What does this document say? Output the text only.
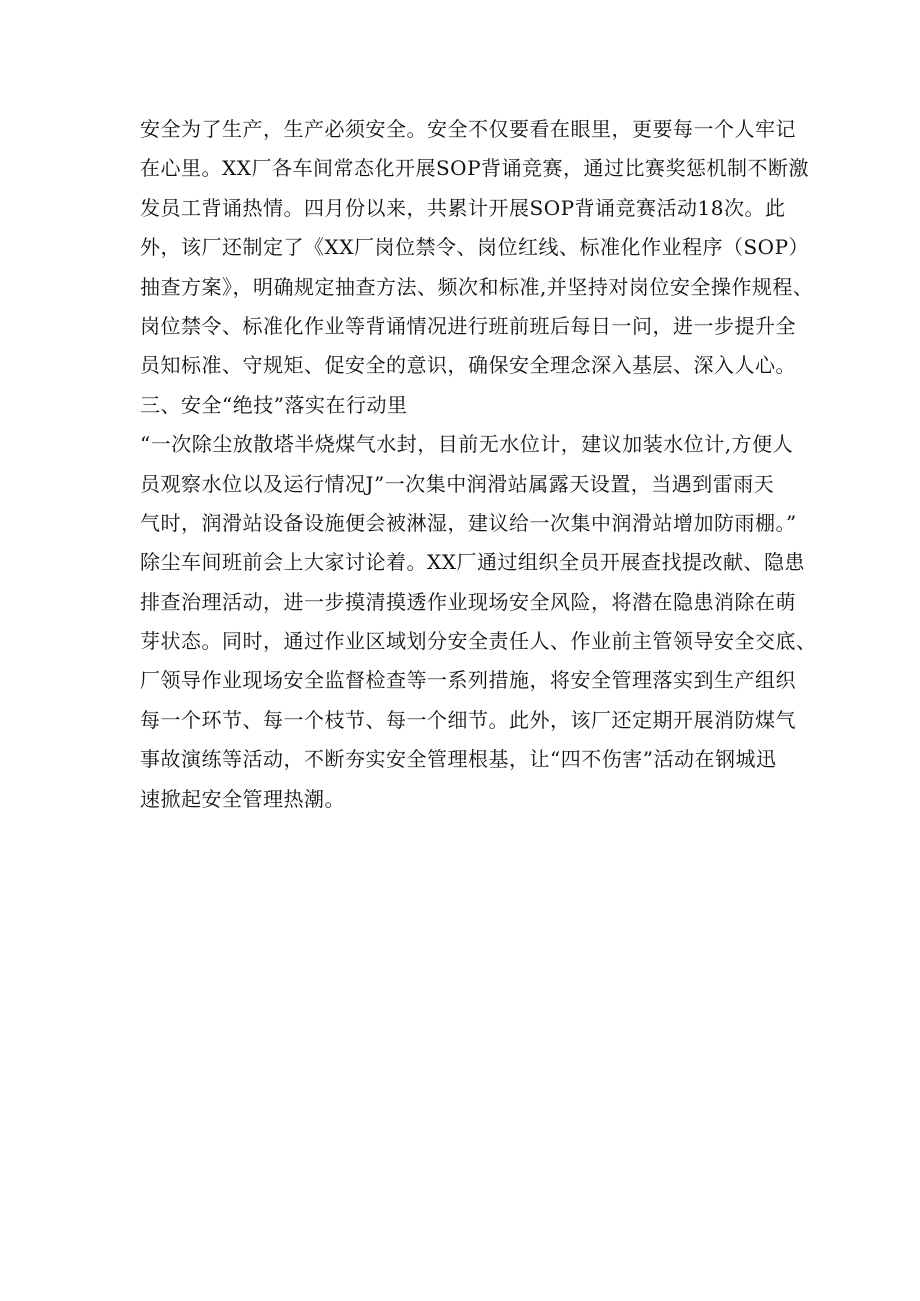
安全为了生产，生产必须安全。安全不仅要看在眼里，更要每一个人牢记
在心里。XX厂各车间常态化开展SOP背诵竞赛，通过比赛奖惩机制不断激
发员工背诵热情。四月份以来，共累计开展SOP背诵竞赛活动18次。此
外，该厂还制定了《XX厂岗位禁令、岗位红线、标准化作业程序（SOP）
抽查方案》，明确规定抽查方法、频次和标准,并坚持对岗位安全操作规程、
岗位禁令、标准化作业等背诵情况进行班前班后每日一问，进一步提升全
员知标准、守规矩、促安全的意识，确保安全理念深入基层、深入人心。
三、安全“绝技”落实在行动里
“一次除尘放散塔半烧煤气水封，目前无水位计，建议加装水位计,方便人
员观察水位以及运行情况J”一次集中润滑站属露天设置，当遇到雷雨天
气时，润滑站设备设施便会被淋湿，建议给一次集中润滑站增加防雨棚。”
除尘车间班前会上大家讨论着。XX厂通过组织全员开展查找提改献、隐患
排查治理活动，进一步摸清摸透作业现场安全风险，将潜在隐患消除在萌
芽状态。同时，通过作业区域划分安全责任人、作业前主管领导安全交底、
厂领导作业现场安全监督检查等一系列措施，将安全管理落实到生产组织
每一个环节、每一个枝节、每一个细节。此外，该厂还定期开展消防煤气
事故演练等活动，不断夯实安全管理根基，让“四不伤害”活动在钢城迅
速掀起安全管理热潮。
